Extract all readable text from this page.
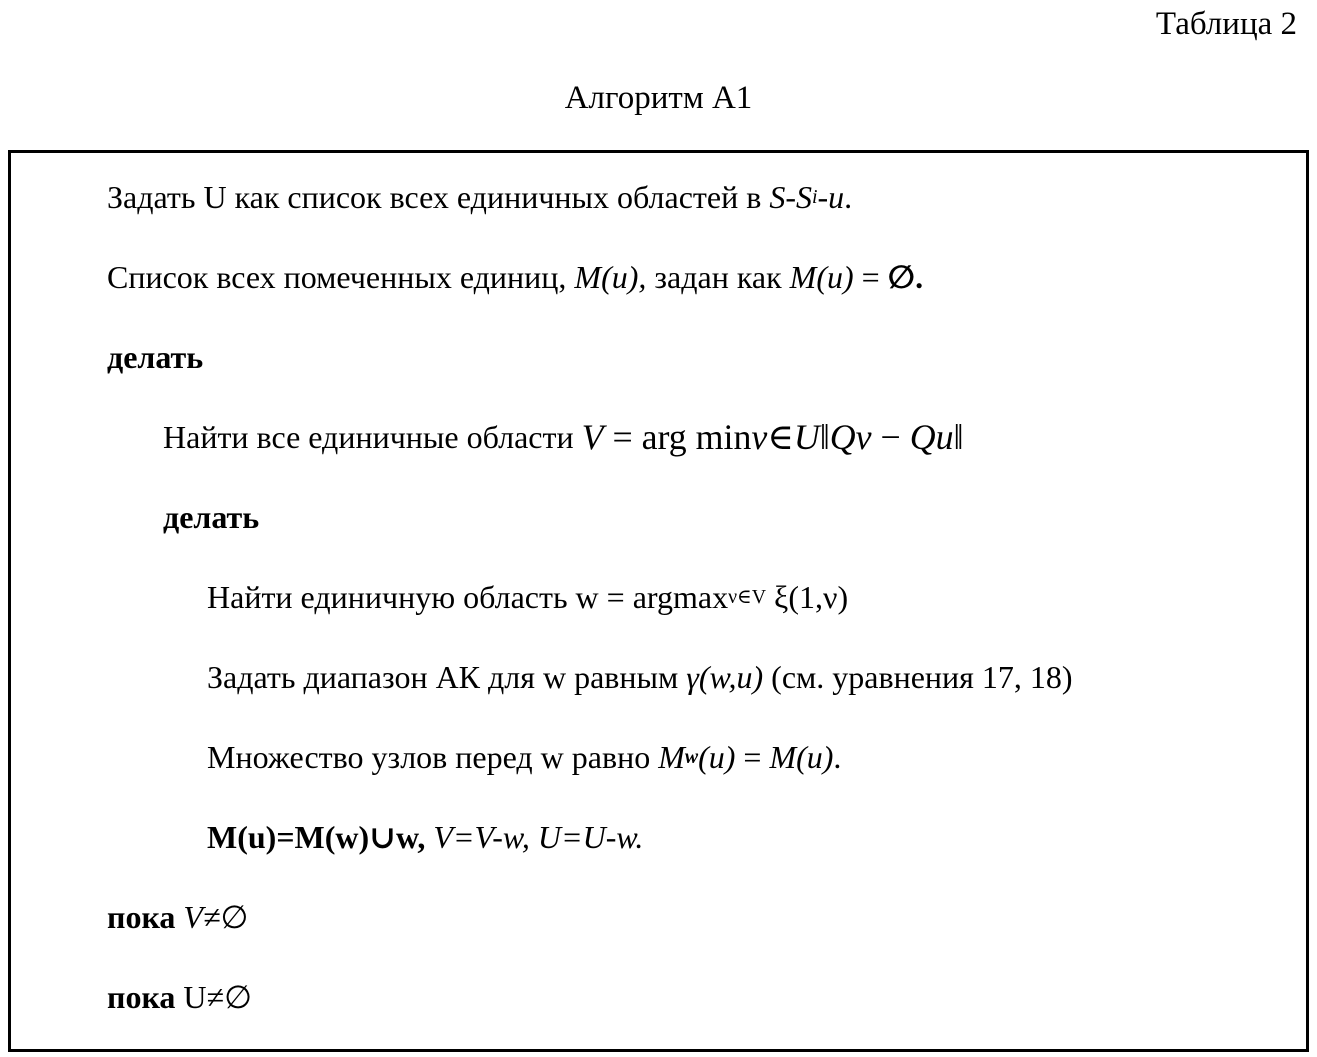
Таблица 2
Алгоритм А1
Задать U как список всех единичных областей в S-S i -u .
Список всех помеченных единиц, M(u), задан как M(u) = ∅.
делать
Найти все единичные области V = arg min v∈U ‖ Q v − Q u ‖
делать
Найти единичную область w = argmax ν∈V ξ(1,ν)
Задать диапазон АК для w равным γ(w,u) (см. уравнения 17, 18)
Множество узлов перед w равно M w (u) = M(u) .
M(u)=M(w)∪w,
V=V-w,
U=U-w.
пока V≠∅
пока U≠∅
